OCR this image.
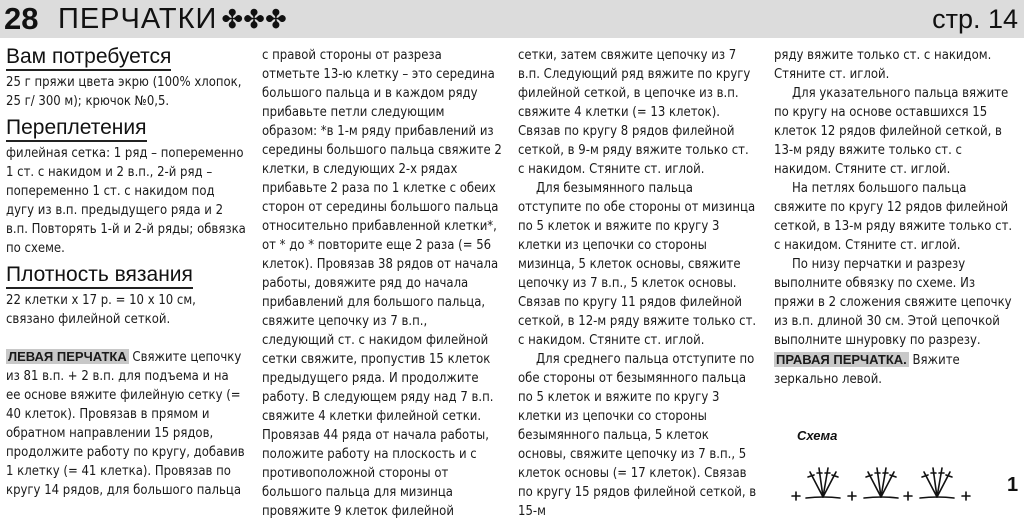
28 ПЕРЧАТКИ ✤✤✤	стр. 14
Вам потребуется

25 г пряжи цвета экрю (100% хлопок, 25 г/ 300 м); крючок №0,5.

Переплетения

филейная сетка: 1 ряд – попеременно 1 ст. с накидом и 2 в.п., 2-й ряд – попеременно 1 ст. с накидом под дугу из в.п. предыдущего ряда и 2 в.п. Повторять 1-й и 2-й ряды; обвязка по схеме.

Плотность вязания

22 клетки х 17 р. = 10 х 10 см, связано филейной сеткой.

ЛЕВАЯ ПЕРЧАТКА Свяжите цепочку из 81 в.п. + 2 в.п. для подъема и на ее основе вяжите филейную сетку (= 40 клеток). Провязав в прямом и обратном направлении 15 рядов, продолжите работу по кругу, добавив 1 клетку (= 41 клетка). Провязав по кругу 14 рядов, для большого пальца

с правой стороны от разреза отметьте 13-ю клетку – это середина большого пальца и в каждом ряду прибавьте петли следующим образом: *в 1-м ряду прибавлений из середины большого пальца свяжите 2 клетки, в следующих 2-х рядах прибавьте 2 раза по 1 клетке с обеих сторон от середины большого пальца относительно прибавленной клетки*, от * до * повторите еще 2 раза (= 56 клеток). Провязав 38 рядов от начала работы, довяжите ряд до начала прибавлений для большого пальца, свяжите цепочку из 7 в.п., следующий ст. с накидом филейной сетки свяжите, пропустив 15 клеток предыдущего ряда. И продолжите работу. В следующем ряду над 7 в.п. свяжите 4 клетки филейной сетки. Провязав 44 ряда от начала работы, положите работу на плоскость и с противоположной стороны от большого пальца для мизинца провяжите 9 клеток филейной

сетки, затем свяжите цепочку из 7 в.п. Следующий ряд вяжите по кругу филейной сеткой, в цепочке из в.п. свяжите 4 клетки (= 13 клеток). Связав по кругу 8 рядов филейной сеткой, в 9-м ряду вяжите только ст. с накидом. Стяните ст. иглой.

Для безымянного пальца отступите по обе стороны от мизинца по 5 клеток и вяжите по кругу 3 клетки из цепочки со стороны мизинца, 5 клеток основы, свяжите цепочку из 7 в.п., 5 клеток основы. Связав по кругу 11 рядов филейной сеткой, в 12-м ряду вяжите только ст. с накидом. Стяните ст. иглой.

Для среднего пальца отступите по обе стороны от безымянного пальца по 5 клеток и вяжите по кругу 3 клетки из цепочки со стороны безымянного пальца, 5 клеток основы, свяжите цепочку из 7 в.п., 5 клеток основы (= 17 клеток). Связав по кругу 15 рядов филейной сеткой, в 15-м

ряду вяжите только ст. с накидом. Стяните ст. иглой.

Для указательного пальца вяжите по кругу на основе оставшихся 15 клеток 12 рядов филейной сеткой, в 13-м ряду вяжите только ст. с накидом. Стяните ст. иглой.

На петлях большого пальца свяжите по кругу 12 рядов филейной сеткой, в 13-м ряду вяжите только ст. с накидом. Стяните ст. иглой.

По низу перчатки и разрезу выполните обвязку по схеме. Из пряжи в 2 сложения свяжите цепочку из в.п. длиной 30 см. Этой цепочкой выполните шнуровку по разрезу.

ПРАВАЯ ПЕРЧАТКА. Вяжите зеркально левой.

Схема
1
